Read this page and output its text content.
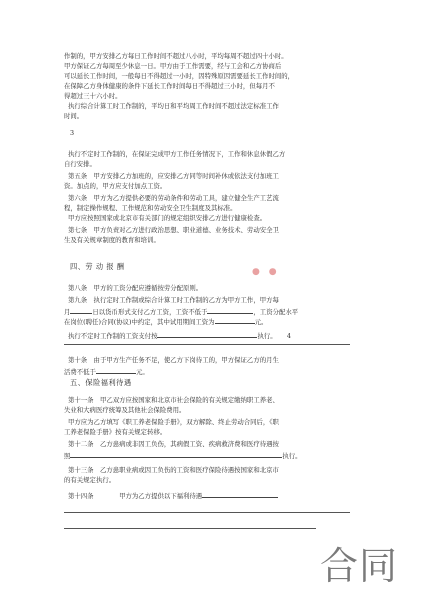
作制的，甲方安排乙方每日工作时间不超过八小时，平均每周不超过四十小时。
甲方保证乙方每周至少休息一日。甲方由于工作需要，经与工会和乙方协商后
可以延长工作时间，一般每日不得超过一小时，因特殊原因需要延长工作时间的，
在保障乙方身体健康的条件下延长工作时间每日不得超过三小时，但每月不
得超过三十六小时。
执行综合计算工时工作制的，平均日和平均周工作时间不超过法定标准工作
时间。
3
执行不定时工作制的，在保证完成甲方工作任务情况下，工作和休息休假乙方
自行安排。
第五条　甲方安排乙方加班的，应安排乙方同等时间补休或依法支付加班工
资。加点的，甲方应支付加点工资。
第六条　甲方为乙方提供必要的劳动条件和劳动工具，建立健全生产工艺流
程，制定操作规程、工作规范和劳动安全卫生制度及其标准。
甲方应按照国家或北京市有关部门的规定组织安排乙方进行健康检查。
第七条　甲方负责对乙方进行政治思想、职业道德、业务技术、劳动安全卫
生及有关规章制度的教育和培训。
四、劳 动 报 酬
● ●
第八条　甲方的工资分配应遵循按劳分配原则。
第九条　执行定时工作制或综合计算工时工作制的乙方为甲方工作，甲方每
月	日以货币形式支付乙方工资，工资不低于	，工资分配水平
在岗位(聘任)合同(协议)中约定，其中试用期间工资为	元。
执行不定时工作制的工资支付按	执行。 4
第十条　由于甲方生产任务不足，使乙方下岗待工的，甲方保证乙方的月生
活费不低于	元。
五、保险福利待遇
第十一条　甲乙双方应按国家和北京市社会保险的有关规定缴纳职工养老、
失业和大病医疗统筹及其他社会保险费用。
甲方应为乙方填写《职工养老保险手册》，双方解除、终止劳动合同后，《职
工养老保险手册》按有关规定转移。
第十二条　乙方患病或非因工负伤，其病假工资、疾病救济费和医疗待遇按
照	执行。
第十三条　乙方患职业病或因工负伤的工资和医疗保险待遇按国家和北京市
的有关规定执行。
第十四条　　　　甲方为乙方提供以下福利待遇
合同
